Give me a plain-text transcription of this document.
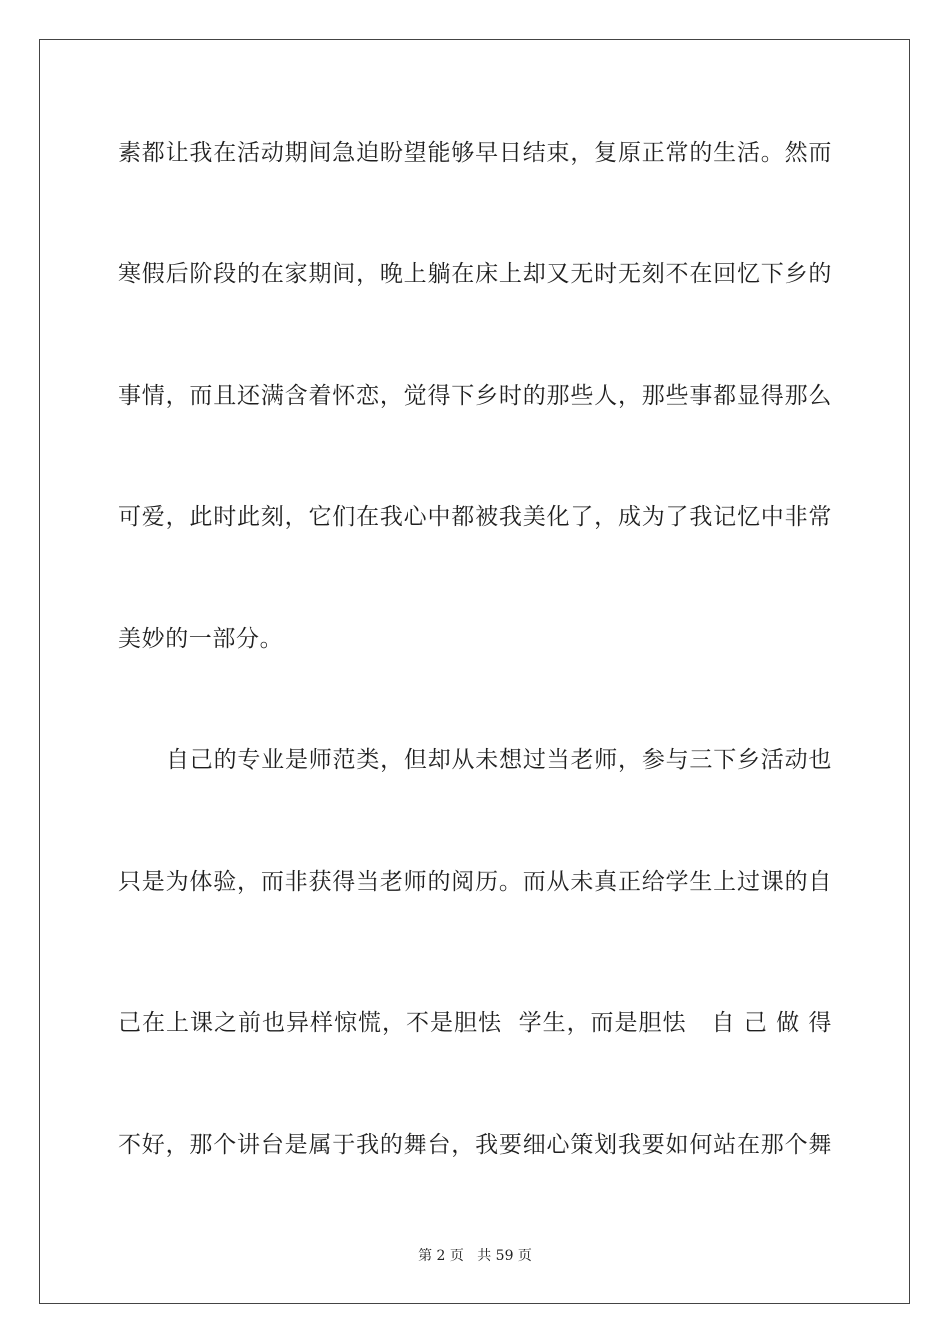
素都让我在活动期间急迫盼望能够早日结束，复原正常的生活。然而
寒假后阶段的在家期间，晚上躺在床上却又无时无刻不在回忆下乡的
事情，而且还满含着怀恋，觉得下乡时的那些人，那些事都显得那么
可爱，此时此刻，它们在我心中都被我美化了，成为了我记忆中非常
美妙的一部分。
自己的专业是师范类，但却从未想过当老师，参与三下乡活动也
只是为体验，而非获得当老师的阅历。而从未真正给学生上过课的自
己在上课之前也异样惊慌，不是胆怯  学生，而是胆怯   自 己 做 得
不好，那个讲台是属于我的舞台，我要细心策划我要如何站在那个舞
第 2 页   共 59 页
